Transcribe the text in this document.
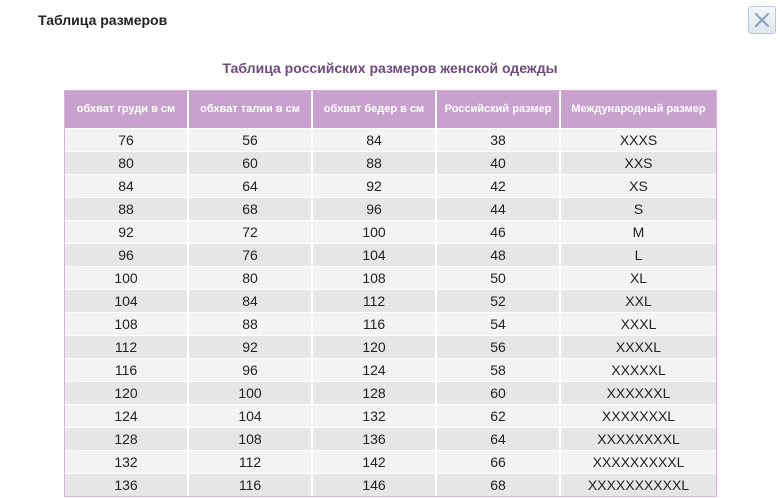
Таблица размеров
Таблица российских размеров женской одежды
обхват груди в см	обхват талии в см	обхват бедер в см	Российский размер	Международный размер
76	56	84	38	XXXS
80	60	88	40	XXS
84	64	92	42	XS
88	68	96	44	S
92	72	100	46	M
96	76	104	48	L
100	80	108	50	XL
104	84	112	52	XXL
108	88	116	54	XXXL
112	92	120	56	XXXXL
116	96	124	58	XXXXXL
120	100	128	60	XXXXXXL
124	104	132	62	XXXXXXXL
128	108	136	64	XXXXXXXXL
132	112	142	66	XXXXXXXXXL
136	116	146	68	XXXXXXXXXXL
